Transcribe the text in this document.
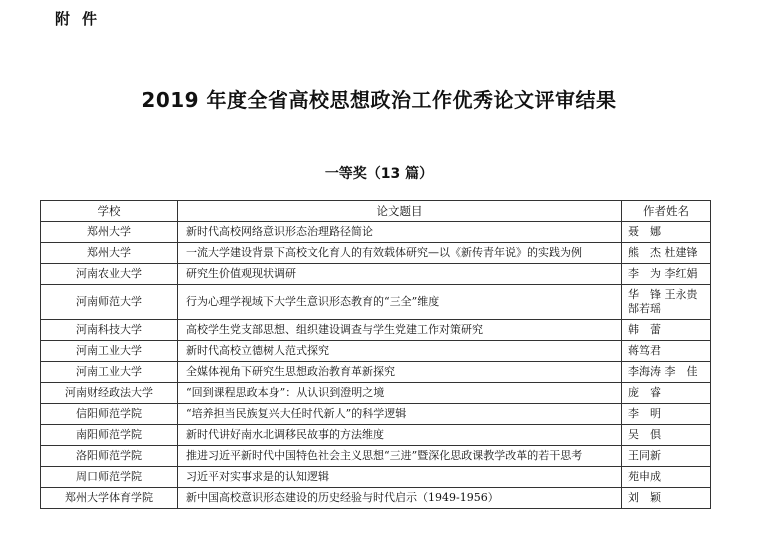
附件
2019 年度全省高校思想政治工作优秀论文评审结果
一等奖（13 篇）
学校	论文题目	作者姓名
郑州大学	新时代高校网络意识形态治理路径简论	聂　娜
郑州大学	一流大学建设背景下高校文化育人的有效载体研究—以《新传青年说》的实践为例	熊　杰 杜建锋
河南农业大学	研究生价值观现状调研	李　为 李红娟
河南师范大学	行为心理学视域下大学生意识形态教育的“三全”维度	华　锋 王永贵 郜若瑶
河南科技大学	高校学生党支部思想、组织建设调查与学生党建工作对策研究	韩　蕾
河南工业大学	新时代高校立德树人范式探究	蒋笃君
河南工业大学	全媒体视角下研究生思想政治教育革新探究	李海涛 李　佳
河南财经政法大学	“回到课程思政本身”：从认识到澄明之境	庞　睿
信阳师范学院	“培养担当民族复兴大任时代新人”的科学逻辑	李　明
南阳师范学院	新时代讲好南水北调移民故事的方法维度	吴　倶
洛阳师范学院	推进习近平新时代中国特色社会主义思想“三进”暨深化思政课教学改革的若干思考	王同新
周口师范学院	习近平对实事求是的认知逻辑	苑申成
郑州大学体育学院	新中国高校意识形态建设的历史经验与时代启示（1949-1956）	刘　颖
